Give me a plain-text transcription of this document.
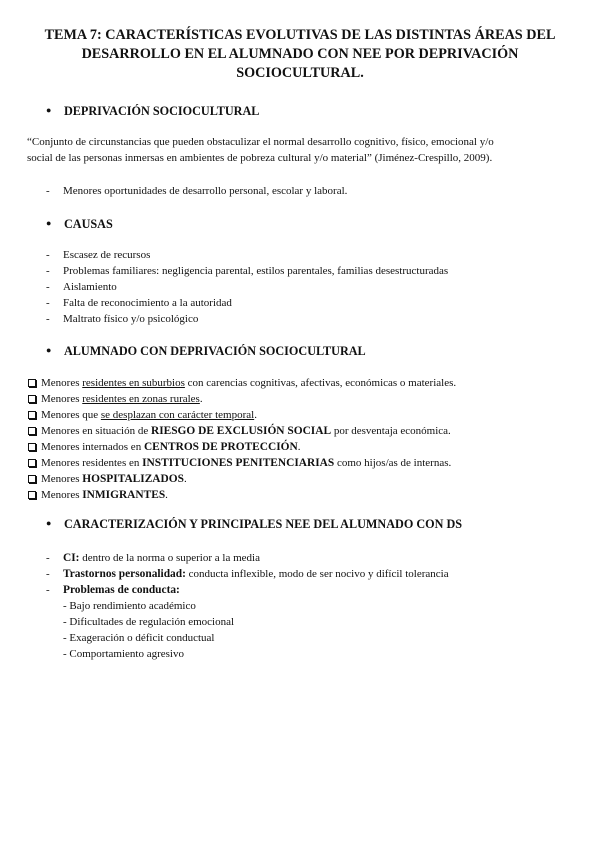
TEMA 7: CARACTERÍSTICAS EVOLUTIVAS DE LAS DISTINTAS ÁREAS DEL
DESARROLLO EN EL ALUMNADO CON NEE POR DEPRIVACIÓN
SOCIOCULTURAL.
● DEPRIVACIÓN SOCIOCULTURAL

“Conjunto de circunstancias que pueden obstaculizar el normal desarrollo cognitivo, físico, emocional y/o
social de las personas inmersas en ambientes de pobreza cultural y/o material” (Jiménez-Crespillo, 2009).

- Menores oportunidades de desarrollo personal, escolar y laboral.
● CAUSAS
- Escasez de recursos
- Problemas familiares: negligencia parental, estilos parentales, familias desestructuradas
- Aislamiento
- Falta de reconocimiento a la autoridad
- Maltrato físico y/o psicológico
● ALUMNADO CON DEPRIVACIÓN SOCIOCULTURAL
Menores residentes en suburbios con carencias cognitivas, afectivas, económicas o materiales.
Menores residentes en zonas rurales.
Menores que se desplazan con carácter temporal.
Menores en situación de RIESGO DE EXCLUSIÓN SOCIAL por desventaja económica.
Menores internados en CENTROS DE PROTECCIÓN.
Menores residentes en INSTITUCIONES PENITENCIARIAS como hijos/as de internas.
Menores HOSPITALIZADOS.
Menores INMIGRANTES.
● CARACTERIZACIÓN Y PRINCIPALES NEE DEL ALUMNADO CON DS
- CI: dentro de la norma o superior a la media
- Trastornos personalidad: conducta inflexible, modo de ser nocivo y difícil tolerancia
- Problemas de conducta:
- Bajo rendimiento académico
- Dificultades de regulación emocional
- Exageración o déficit conductual
- Comportamiento agresivo
